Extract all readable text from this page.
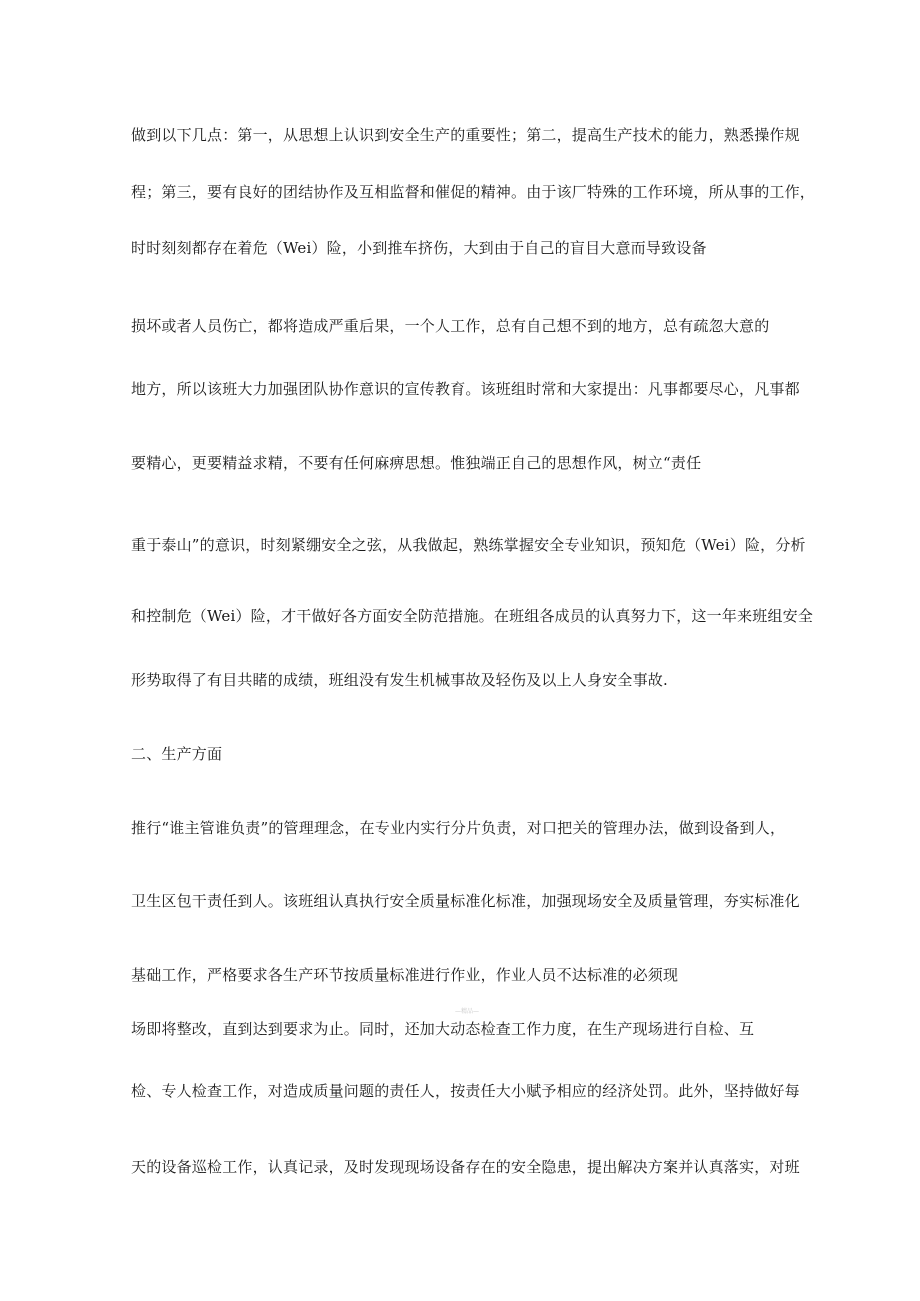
做到以下几点：第一，从思想上认识到安全生产的重要性；第二，提高生产技术的能力，熟悉操作规

程；第三，要有良好的团结协作及互相监督和催促的精神。由于该厂特殊的工作环境，所从事的工作，

时时刻刻都存在着危（Wei）险，小到推车挤伤，大到由于自己的盲目大意而导致设备

损坏或者人员伤亡，都将造成严重后果，一个人工作，总有自己想不到的地方，总有疏忽大意的

地方，所以该班大力加强团队协作意识的宣传教育。该班组时常和大家提出：凡事都要尽心，凡事都

要精心，更要精益求精，不要有任何麻痹思想。惟独端正自己的思想作风，树立“责任

重于泰山”的意识，时刻紧绷安全之弦，从我做起，熟练掌握安全专业知识，预知危（Wei）险，分析

和控制危（Wei）险，才干做好各方面安全防范措施。在班组各成员的认真努力下，这一年来班组安全

形势取得了有目共睹的成绩，班组没有发生机械事故及轻伤及以上人身安全事故.

二、生产方面

推行“谁主管谁负责”的管理理念，在专业内实行分片负责，对口把关的管理办法，做到设备到人，

卫生区包干责任到人。该班组认真执行安全质量标准化标准，加强现场安全及质量管理，夯实标准化

基础工作，严格要求各生产环节按质量标准进行作业，作业人员不达标准的必须现

—精品—

场即将整改，直到达到要求为止。同时，还加大动态检查工作力度，在生产现场进行自检、互

检、专人检查工作，对造成质量问题的责任人，按责任大小赋予相应的经济处罚。此外，坚持做好每

天的设备巡检工作，认真记录，及时发现现场设备存在的安全隐患，提出解决方案并认真落实，对班
